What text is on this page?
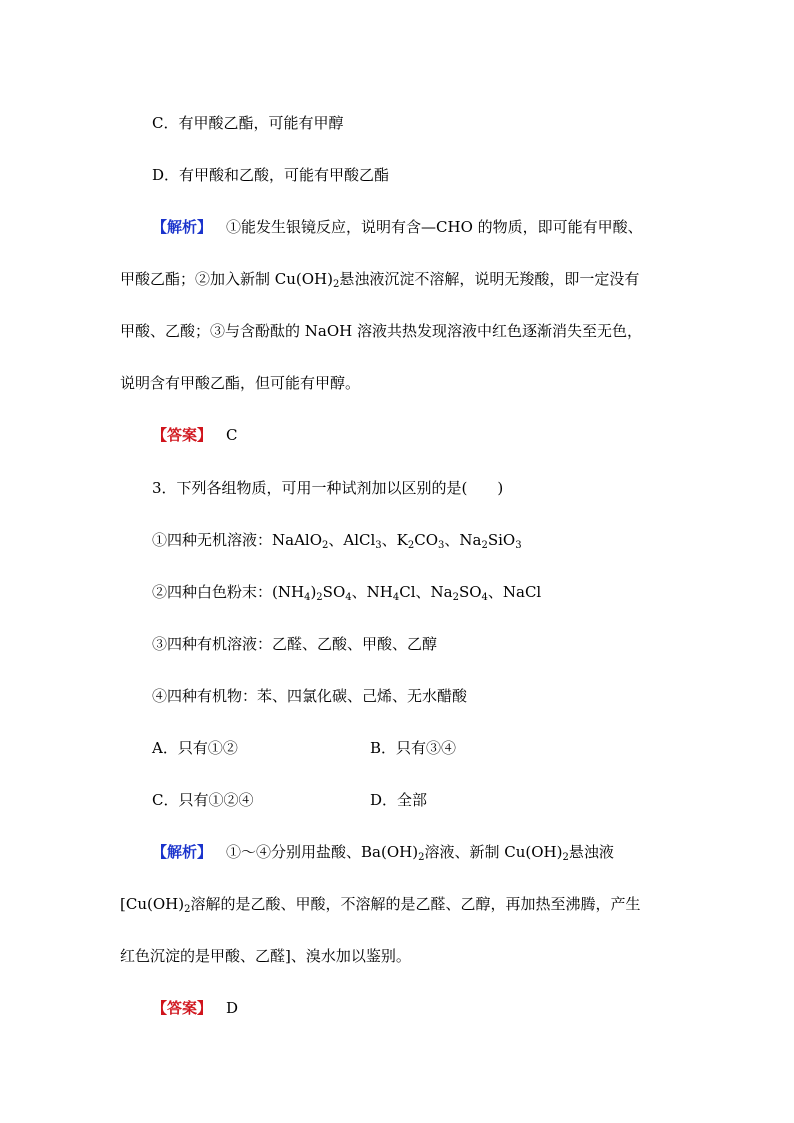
C．有甲酸乙酯，可能有甲醇
D．有甲酸和乙酸，可能有甲酸乙酯
【解析】 ①能发生银镜反应，说明有含—CHO 的物质，即可能有甲酸、
甲酸乙酯；②加入新制 $Cu(OH)_2$悬浊液沉淀不溶解，说明无羧酸，即一定没有
甲酸、乙酸；③与含酚酞的 NaOH 溶液共热发现溶液中红色逐渐消失至无色，
说明含有甲酸乙酯，但可能有甲醇。
【答案】 C
3．下列各组物质，可用一种试剂加以区别的是(　　)
①四种无机溶液：NaAlO$_2$、AlCl$_3$、$K_2CO_3$、$Na_2SiO_3$
②四种白色粉末：$(NH_4)_2SO_4$、$NH_4Cl$、$Na_2SO_4$、NaCl
③四种有机溶液：乙醛、乙酸、甲酸、乙醇
④四种有机物：苯、四氯化碳、己烯、无水醋酸
A．只有①②	B．只有③④
C．只有①②④	D．全部
【解析】 ①～④分别用盐酸、$Ba(OH)_2$溶液、新制 $Cu(OH)_2$悬浊液
[$Cu(OH)_2$溶解的是乙酸、甲酸，不溶解的是乙醛、乙醇，再加热至沸腾，产生
红色沉淀的是甲酸、乙醛]、溴水加以鉴别。
【答案】 D
